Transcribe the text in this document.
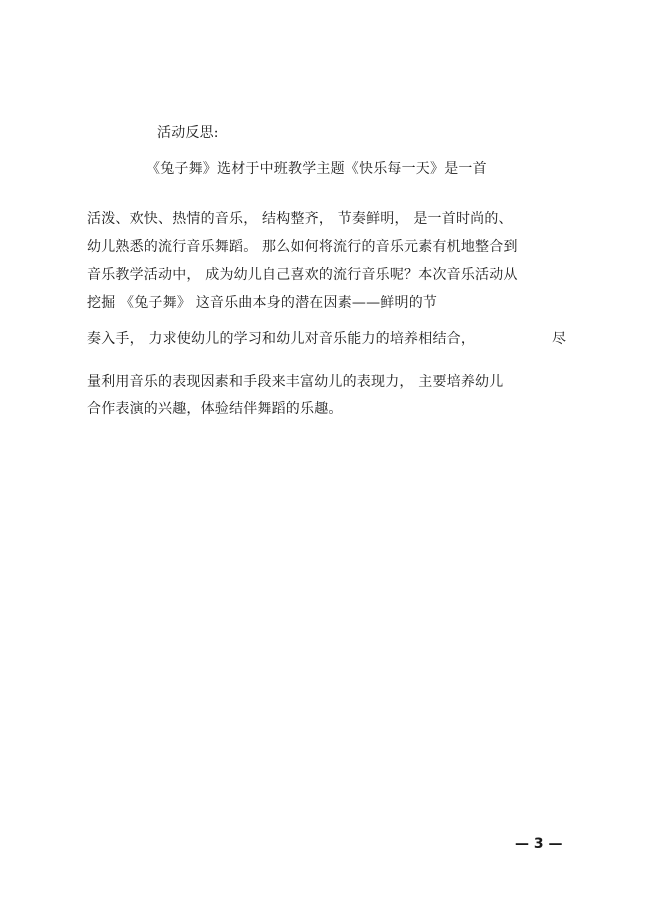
活动反思:
《兔子舞》选材于中班教学主题《快乐每一天》是一首
活泼、欢快、热情的音乐， 结构整齐， 节奏鲜明， 是一首时尚的、
幼儿熟悉的流行音乐舞蹈。 那么如何将流行的音乐元素有机地整合到
音乐教学活动中， 成为幼儿自己喜欢的流行音乐呢？本次音乐活动从
挖掘 《兔子舞》 这音乐曲本身的潜在因素——鲜明的节
奏入手， 力求使幼儿的学习和幼儿对音乐能力的培养相结合，	尽
量利用音乐的表现因素和手段来丰富幼儿的表现力， 主要培养幼儿
合作表演的兴趣，体验结伴舞蹈的乐趣。
— 3 —
